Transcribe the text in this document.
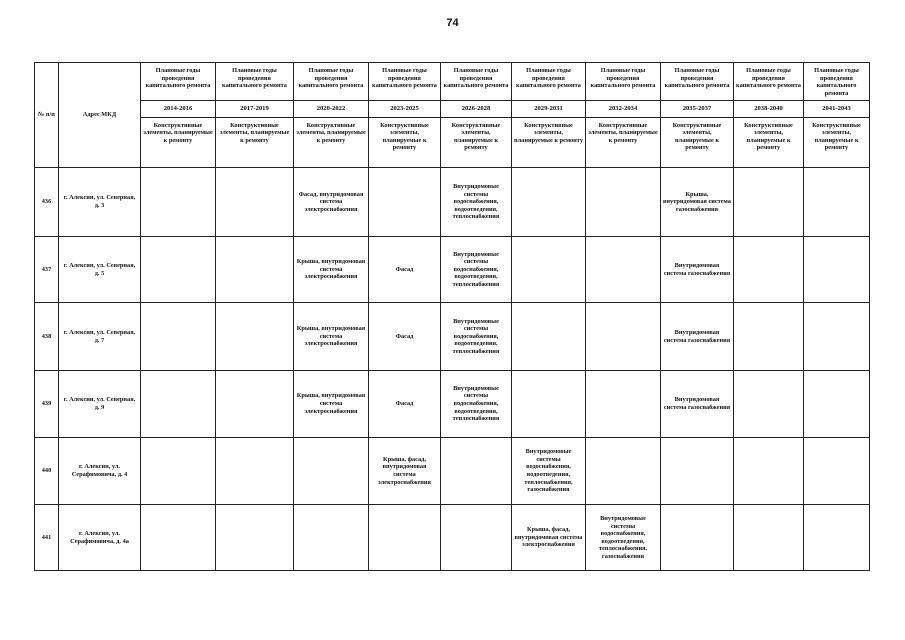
74
№ п/п	Адрес МКД	Плановые годы проведения капитального ремонта	Плановые годы проведения капитального ремонта	Плановые годы проведения капитального ремонта	Плановые годы проведения капитального ремонта	Плановые годы проведения капитального ремонта	Плановые годы проведения капитального ремонта	Плановые годы проведения капитального ремонта	Плановые годы проведения капитального ремонта	Плановые годы проведения капитального ремонта	Плановые годы проведения капитального ремонта
		2014-2016	2017-2019	2020-2022	2023-2025	2026-2028	2029-2031	2032-2034	2035-2037	2038-2040	2041-2043
		Конструктивные элементы, планируемые к ремонту	Конструктивные элементы, планируемые к ремонту	Конструктивные элементы, планируемые к ремонту	Конструктивные элементы, планируемые к ремонту	Конструктивные элементы, планируемые к ремонту	Конструктивные элементы, планируемые к ремонту	Конструктивные элементы, планируемые к ремонту	Конструктивные элементы, планируемые к ремонту	Конструктивные элементы, планируемые к ремонту	Конструктивные элементы, планируемые к ремонту
436	г. Алексин, ул. Северная, д. 3			Фасад, внутридомовая система электроснабжения		Внутридомовые системы водоснабжения, водоотведения, теплоснабжения			Крыша, внутридомовая система газоснабжения		
437	г. Алексин, ул. Северная, д. 5			Крыша, внутридомовая система электроснабжения	Фасад	Внутридомовые системы водоснабжения, водоотведения, теплоснабжения			Внутридомовая система газоснабжения		
438	г. Алексин, ул. Северная, д. 7			Крыша, внутридомовая система электроснабжения	Фасад	Внутридомовые системы водоснабжения, водоотведения, теплоснабжения			Внутридомовая система газоснабжения		
439	г. Алексин, ул. Северная, д. 9			Крыша, внутридомовая система электроснабжения	Фасад	Внутридомовые системы водоснабжения, водоотведения, теплоснабжения			Внутридомовая система газоснабжения		
440	г. Алексин, ул. Серафимовича, д. 4				Крыша, фасад, внутридомовая система электроснабжения		Внутридомовые системы водоснабжения, водоотведения, теплоснабжения, газоснабжения				
441	г. Алексин, ул. Серафимовича, д. 4а						Крыша, фасад, внутридомовая система электроснабжения	Внутридомовые системы водоснабжения, водоотведения, теплоснабжения, газоснабжения			
